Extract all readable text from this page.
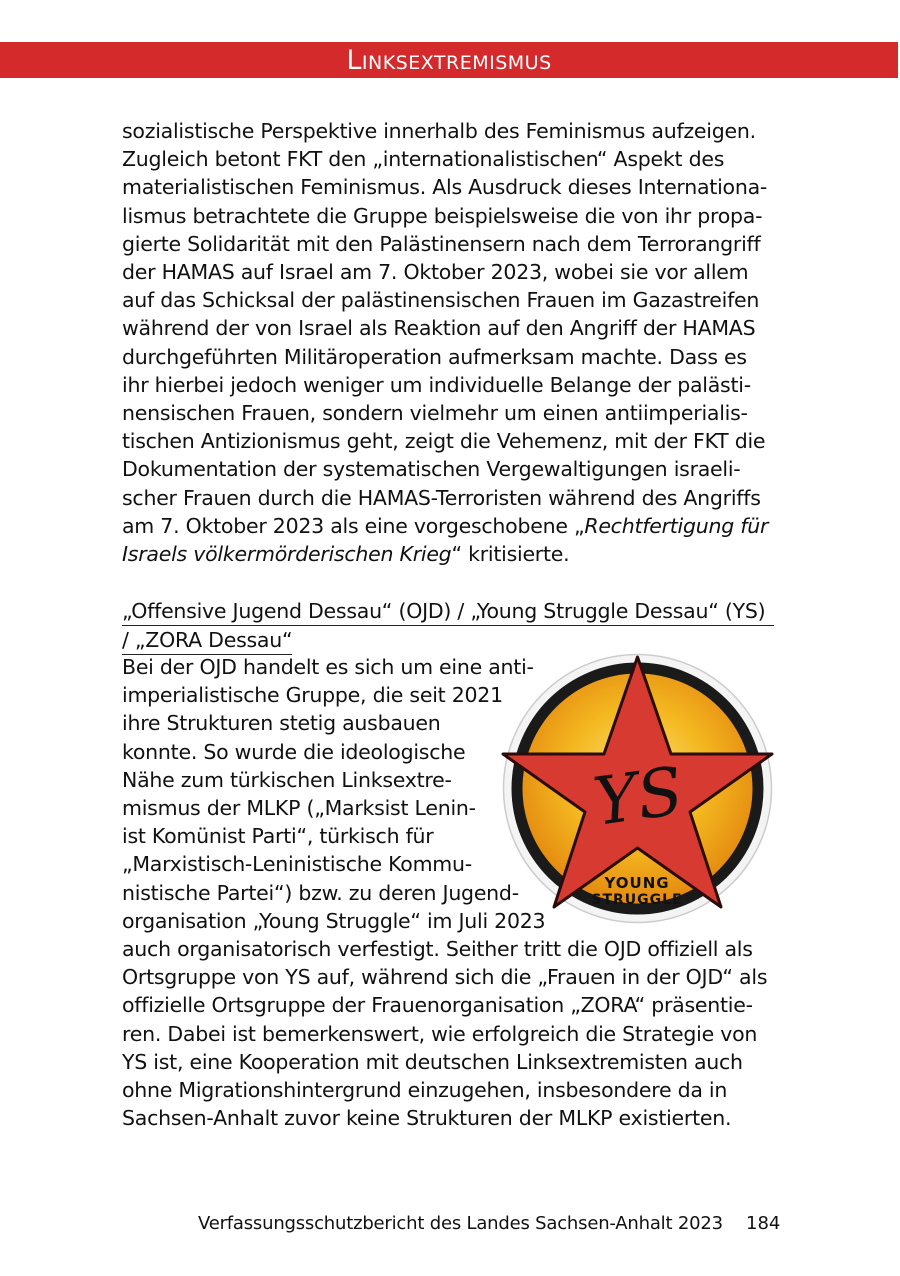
Linksextremismus
sozialistische Perspektive innerhalb des Feminismus aufzeigen.
Zugleich betont FKT den „internationalistischen“ Aspekt des
materialistischen Feminismus. Als Ausdruck dieses Internationa-
lismus betrachtete die Gruppe beispielsweise die von ihr propa-
gierte Solidarität mit den Palästinensern nach dem Terrorangriff
der HAMAS auf Israel am 7. Oktober 2023, wobei sie vor allem
auf das Schicksal der palästinensischen Frauen im Gazastreifen
während der von Israel als Reaktion auf den Angriff der HAMAS
durchgeführten Militäroperation aufmerksam machte. Dass es
ihr hierbei jedoch weniger um individuelle Belange der palästi-
nensischen Frauen, sondern vielmehr um einen antiimperialis-
tischen Antizionismus geht, zeigt die Vehemenz, mit der FKT die
Dokumentation der systematischen Vergewaltigungen israeli-
scher Frauen durch die HAMAS-Terroristen während des Angriffs
am 7. Oktober 2023 als eine vorgeschobene „Rechtfertigung für
Israels völkermörderischen Krieg“ kritisierte.
„Offensive Jugend Dessau“ (OJD) / „Young Struggle Dessau“ (YS)
/ „ZORA Dessau“
Bei der OJD handelt es sich um eine anti-
imperialistische Gruppe, die seit 2021
ihre Strukturen stetig ausbauen
konnte. So wurde die ideologische
Nähe zum türkischen Linksextre-
mismus der MLKP („Marksist Lenin-
ist Komünist Parti“, türkisch für
„Marxistisch-Leninistische Kommu-
nistische Partei“) bzw. zu deren Jugend-
organisation „Young Struggle“ im Juli 2023
auch organisatorisch verfestigt. Seither tritt die OJD offiziell als
Ortsgruppe von YS auf, während sich die „Frauen in der OJD“ als
offizielle Ortsgruppe der Frauenorganisation „ZORA“ präsentie-
ren. Dabei ist bemerkenswert, wie erfolgreich die Strategie von
YS ist, eine Kooperation mit deutschen Linksextremisten auch
ohne Migrationshintergrund einzugehen, insbesondere da in
Sachsen-Anhalt zuvor keine Strukturen der MLKP existierten.
YS
YOUNG
STRUGGLE
Verfassungsschutzbericht des Landes Sachsen-Anhalt 2023 184
